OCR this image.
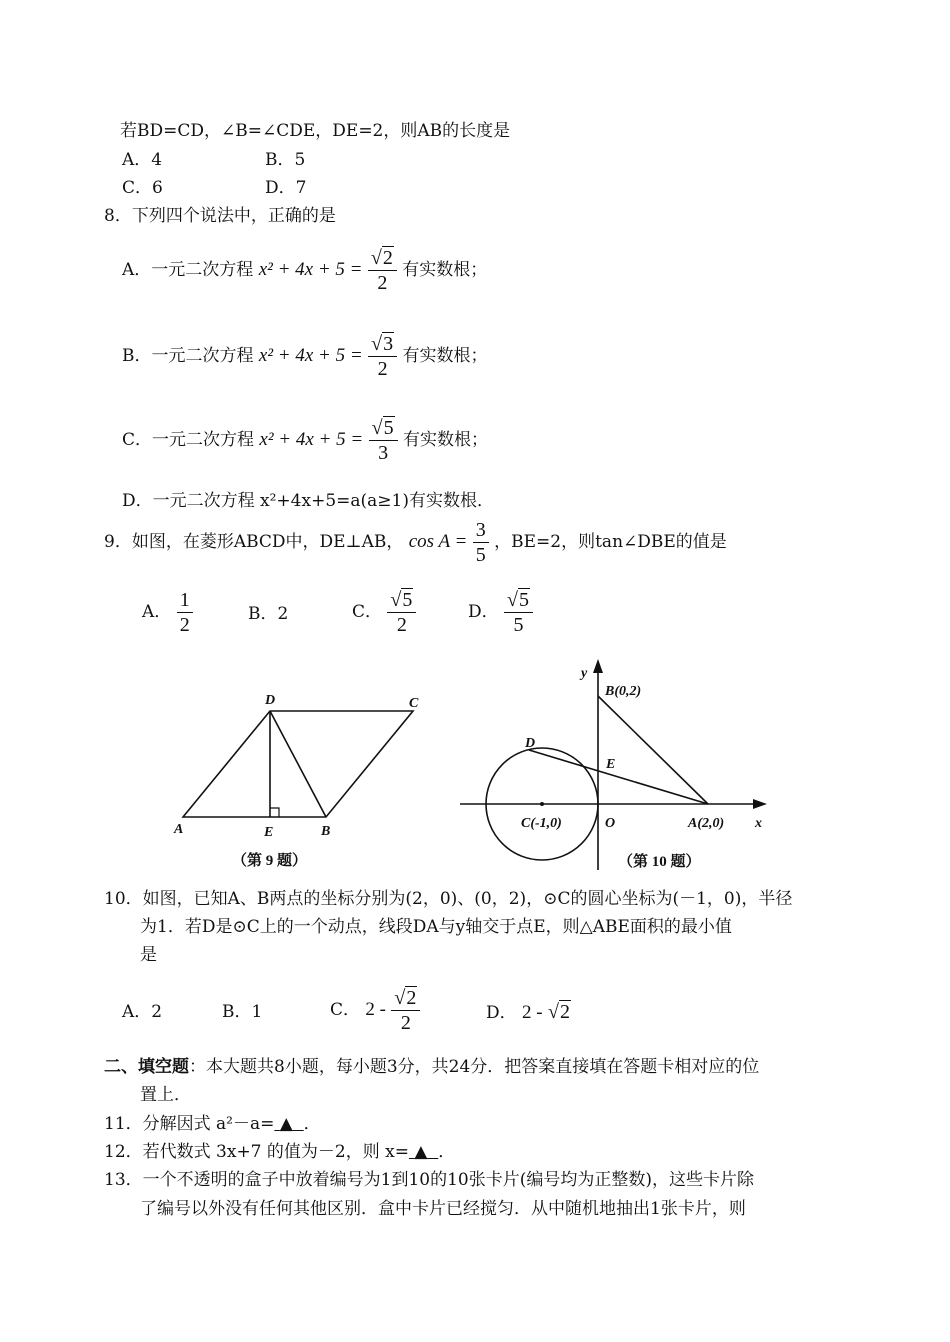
若BD=CD，∠B=∠CDE，DE=2，则AB的长度是
A．4	B．5
C．6	D．7
8．下列四个说法中，正确的是
A．一元二次方程 $x^2 + 4x + 5 = \frac{√2}{2}$ 有实数根；
B．一元二次方程 $x^2 + 4x + 5 = \frac{√3}{2}$ 有实数根；
C．一元二次方程 $x^2 + 4x + 5 = \frac{√5}{3}$ 有实数根；
D．一元二次方程 x²+4x+5=a(a≥1)有实数根．
9．如图，在菱形ABCD中，DE⊥AB， $\cos A = \frac{3}{5}$ ，BE=2，则tan∠DBE的值是
A． $\frac{1}{2}$	B．2	C． $\frac{√5}{2}$	D． $\frac{√5}{5}$
A	B
C
D
E
（第 9 题）
y
x
B(0,2)
D
E
C(-1,0)	O	A(2,0)
（第 10 题）
10．如图，已知A、B两点的坐标分别为(2，0)、(0，2)，⊙C的圆心坐标为(－1，0)，半径
为1．若D是⊙C上的一个动点，线段DA与y轴交于点E，则△ABE面积的最小值
是
A．2	B．1	C． $2 - \frac{√2}{2}$	D． 2 - √2
二、填空题：本大题共8小题，每小题3分，共24分．把答案直接填在答题卡相对应的位
置上．
11．分解因式 a²－a= ▲ ．
12．若代数式 3x+7 的值为－2，则 x= ▲ ．
13．一个不透明的盒子中放着编号为1到10的10张卡片(编号均为正整数)，这些卡片除
了编号以外没有任何其他区别．盒中卡片已经搅匀．从中随机地抽出1张卡片，则
